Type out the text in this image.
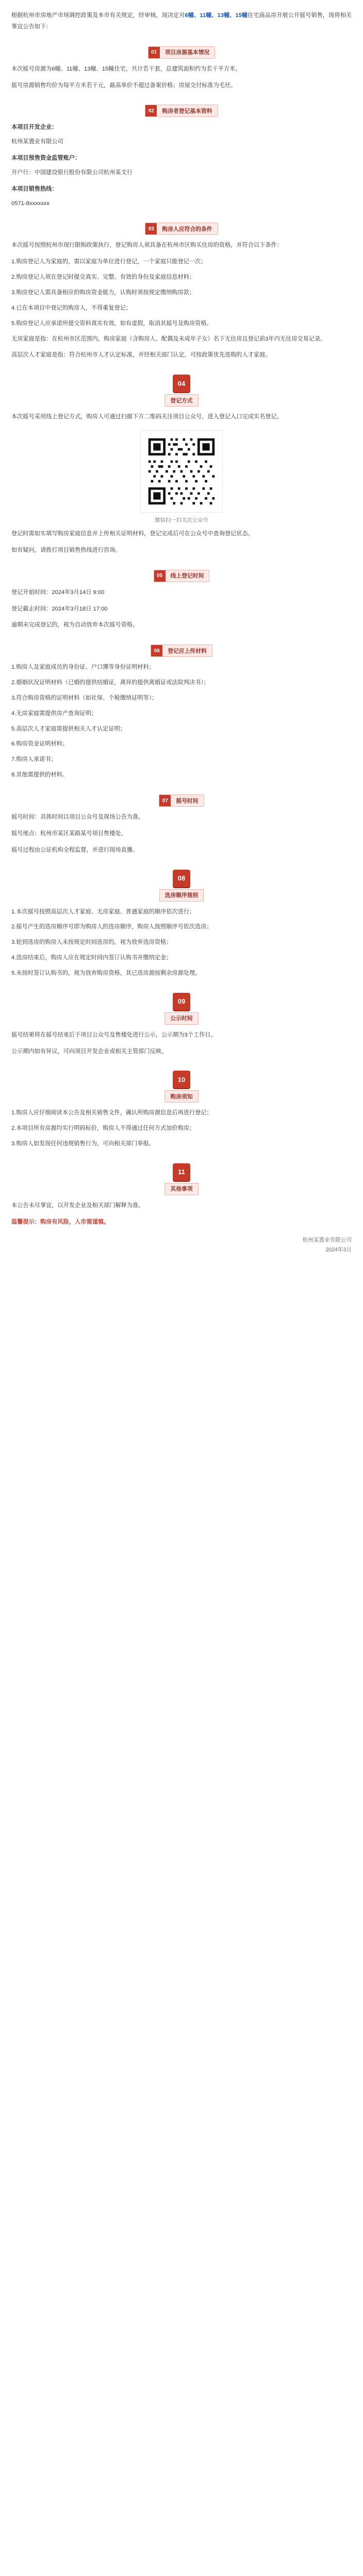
根据杭州市房地产市场调控政策及本市有关规定，经审核，现决定对6幢、11幢、13幢、15幢住宅商品房开展公开摇号销售，现将相关事宜公告如下：

01	项目房源基本情况

本次摇号房源为6幢、11幢、13幢、15幢住宅，共计若干套，总建筑面积约为若干平方米。

摇号房源销售均价为每平方米若干元，最高单价不超过备案价格；房屋交付标准为毛坯。

02	购房者登记基本资料

本项目开发企业：

杭州某置业有限公司

本项目预售资金监管账户：

开户行：中国建设银行股份有限公司杭州某支行

本项目销售热线：

0571-8xxxxxxx

03	购房人应符合的条件

本次摇号按照杭州市现行限购政策执行，登记购房人须具备在杭州市区购买住房的资格，并符合以下条件：

1.购房登记人为家庭的，需以家庭为单位进行登记，一个家庭只能登记一次；

2.购房登记人须在登记时提交真实、完整、有效的身份及家庭信息材料；

3.购房登记人需具备相应的购房资金能力，认购时须按规定缴纳购房款；

4.已在本项目中登记的购房人，不得重复登记；

5.购房登记人应承诺所提交资料真实有效，如有虚假，取消其摇号及购房资格。

无房家庭是指：在杭州市区范围内，购房家庭（含购房人、配偶及未成年子女）名下无住房且登记前3年内无住房交易记录。

高层次人才家庭是指：符合杭州市人才认定标准，并经相关部门认定，可按政策优先选购的人才家庭。

04
登记方式

本次摇号采用线上登记方式，购房人可通过扫描下方二维码关注项目公众号，进入登记入口完成实名登记。

微信扫一扫关注公众号

登记时需如实填写购房家庭信息并上传相关证明材料，登记完成后可在公众号中查询登记状态。

如有疑问，请拨打项目销售热线进行咨询。

05	线上登记时间

登记开始时间：2024年3月14日 9:00

登记截止时间：2024年3月18日 17:00

逾期未完成登记的，视为自动放弃本次摇号资格。

06	登记应上传材料

1.购房人及家庭成员的身份证、户口簿等身份证明材料；

2.婚姻状况证明材料（已婚的提供结婚证，离异的提供离婚证或法院判决书）；

3.符合购房资格的证明材料（如社保、个税缴纳证明等）；

4.无房家庭需提供房产查询证明；

5.高层次人才家庭需提供相关人才认定证明；

6.购房资金证明材料；

7.购房人承诺书；

8.其他需提供的材料。

07	摇号时间

摇号时间：具体时间以项目公众号及现场公告为准。

摇号地点：杭州市某区某路某号项目售楼处。

摇号过程由公证机构全程监督，并进行现场直播。

08
选房顺序规则

1.本次摇号按照高层次人才家庭、无房家庭、普通家庭的顺序依次进行；

2.摇号产生的选房顺序号即为购房人的选房顺序，购房人按照顺序号依次选房；

3.轮到选房的购房人未按规定时间选房的，视为放弃选房资格；

4.选房结束后，购房人应在规定时间内签订认购书并缴纳定金；

5.未按时签订认购书的，视为放弃购房资格，其已选房源按剩余房源处理。

09
公示时间

摇号结果将在摇号结束后于项目公众号及售楼处进行公示，公示期为3个工作日。

公示期内如有异议，可向项目开发企业或相关主管部门反映。

10
购房须知

1.购房人应仔细阅读本公告及相关销售文件，确认所购房源信息后再进行登记；

2.本项目所有房源均实行明码标价，购房人不得通过任何方式加价购房；

3.购房人如发现任何违规销售行为，可向相关部门举报。

11
其他事项

本公告未尽事宜，以开发企业及相关部门解释为准。

温馨提示：购房有风险，入市需谨慎。

杭州某置业有限公司
2024年3月
